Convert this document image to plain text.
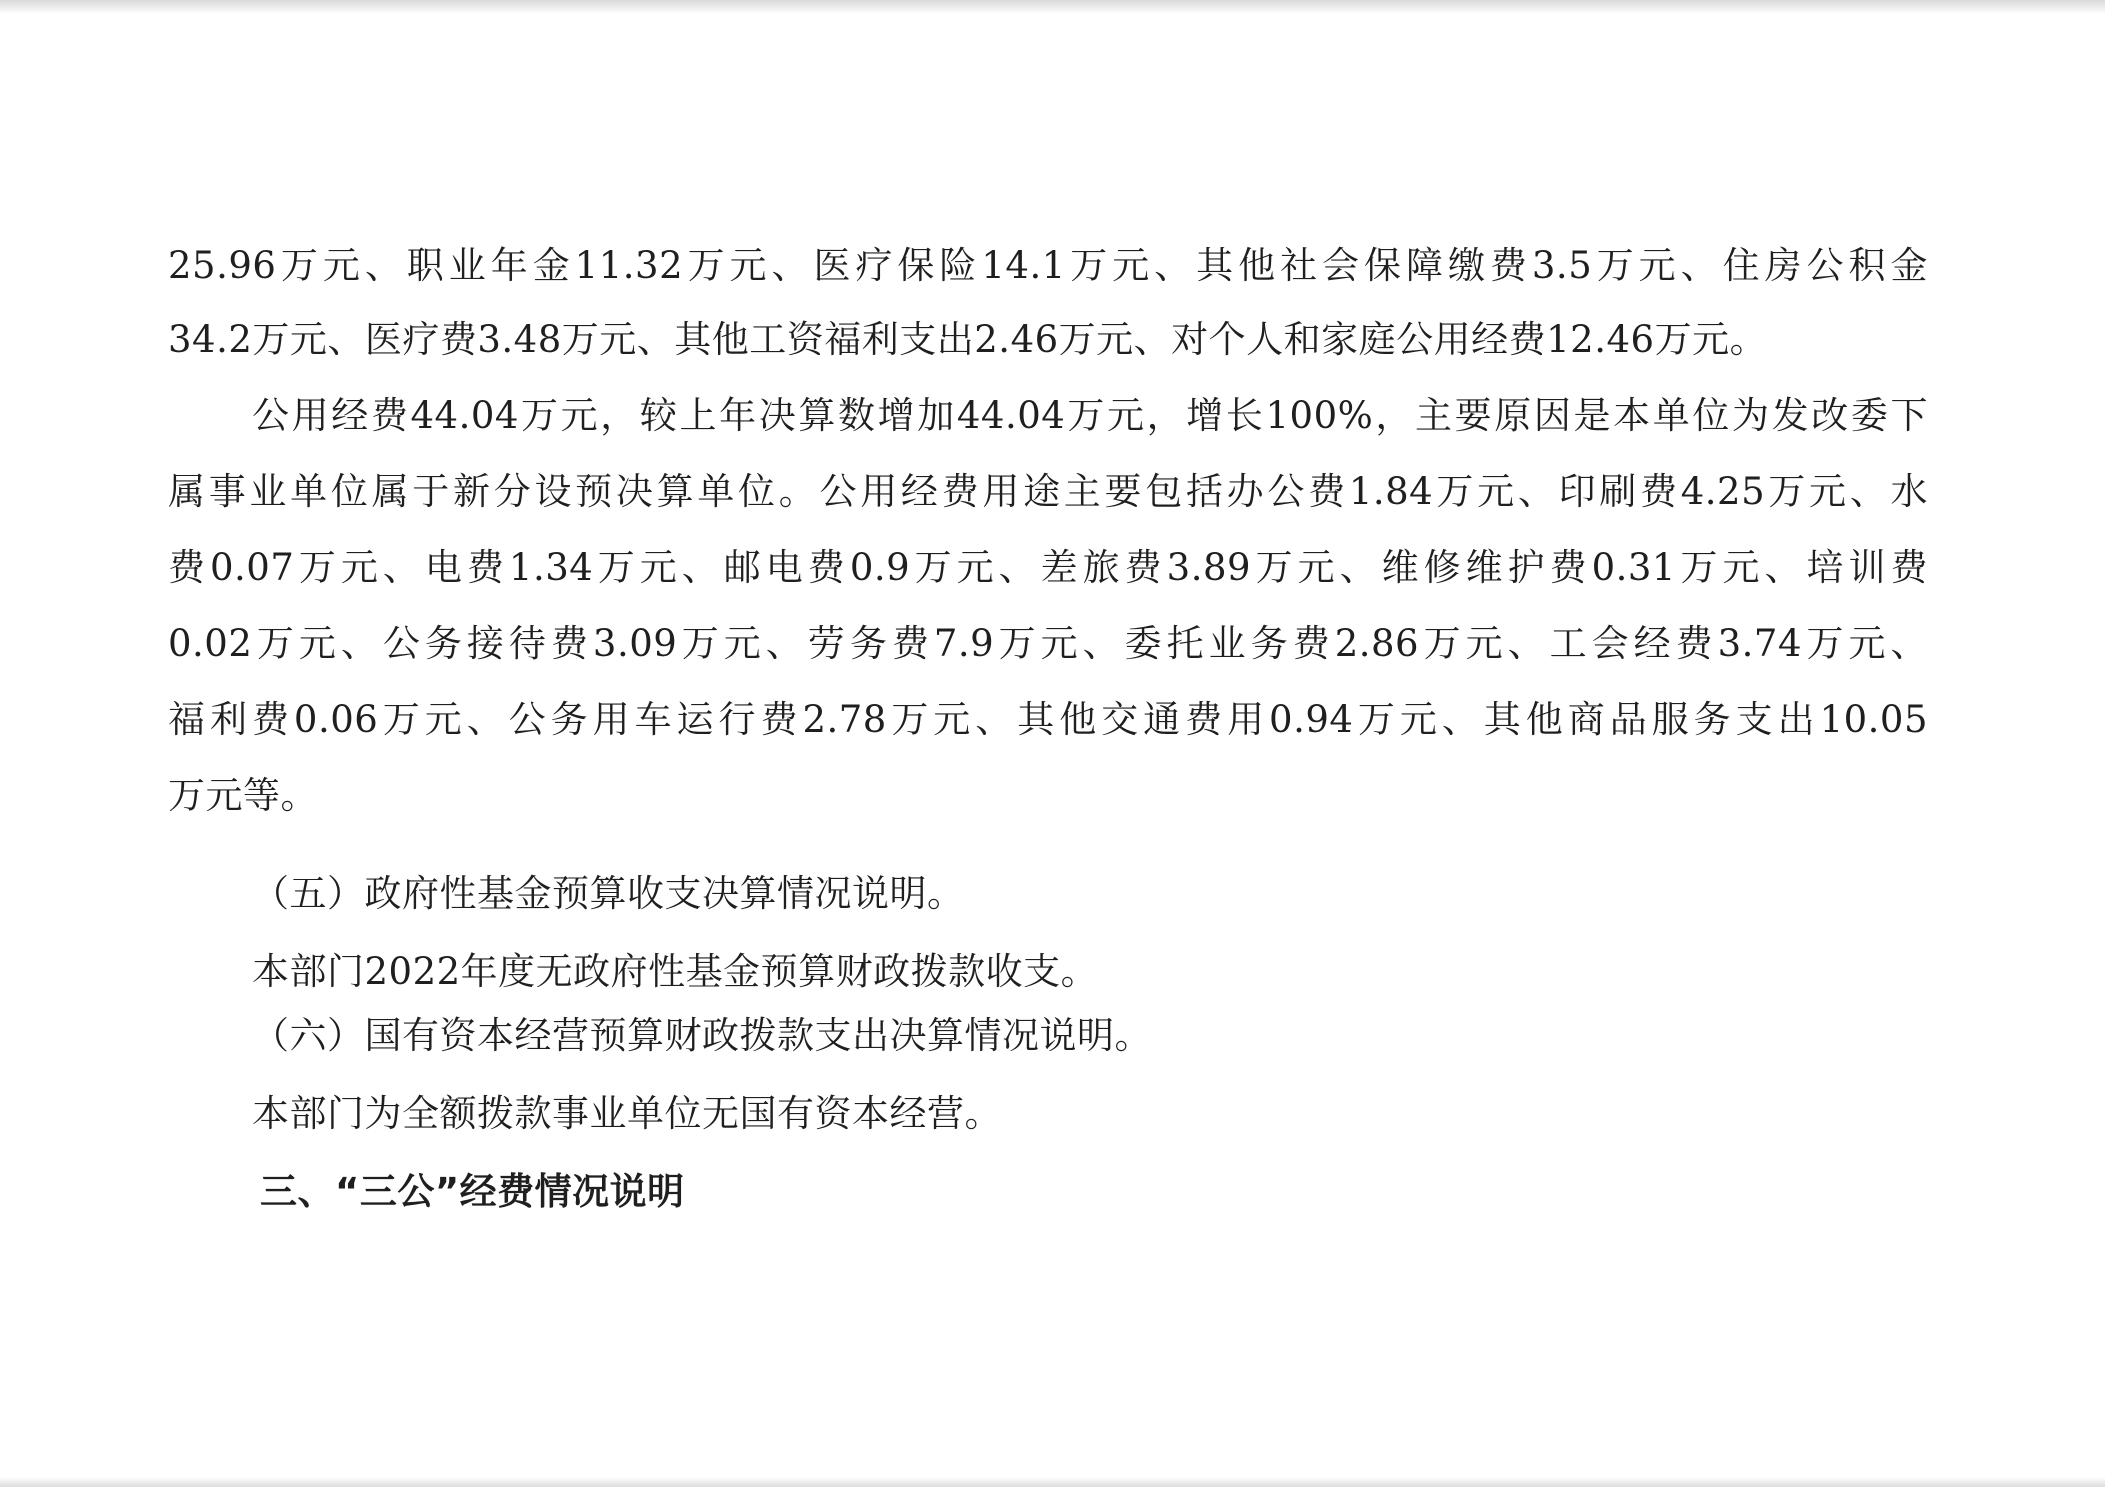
25.96万元、职业年金11.32万元、医疗保险14.1万元、其他社会保障缴费3.5万元、住房公积金
34.2万元、医疗费3.48万元、其他工资福利支出2.46万元、对个人和家庭公用经费12.46万元。
公用经费44.04万元，较上年决算数增加44.04万元，增长100%，主要原因是本单位为发改委下
属事业单位属于新分设预决算单位。公用经费用途主要包括办公费1.84万元、印刷费4.25万元、水
费0.07万元、电费1.34万元、邮电费0.9万元、差旅费3.89万元、维修维护费0.31万元、培训费
0.02万元、公务接待费3.09万元、劳务费7.9万元、委托业务费2.86万元、工会经费3.74万元、
福利费0.06万元、公务用车运行费2.78万元、其他交通费用0.94万元、其他商品服务支出10.05
万元等。
（五）政府性基金预算收支决算情况说明。
本部门2022年度无政府性基金预算财政拨款收支。
（六）国有资本经营预算财政拨款支出决算情况说明。
本部门为全额拨款事业单位无国有资本经营。
三、“三公”经费情况说明
